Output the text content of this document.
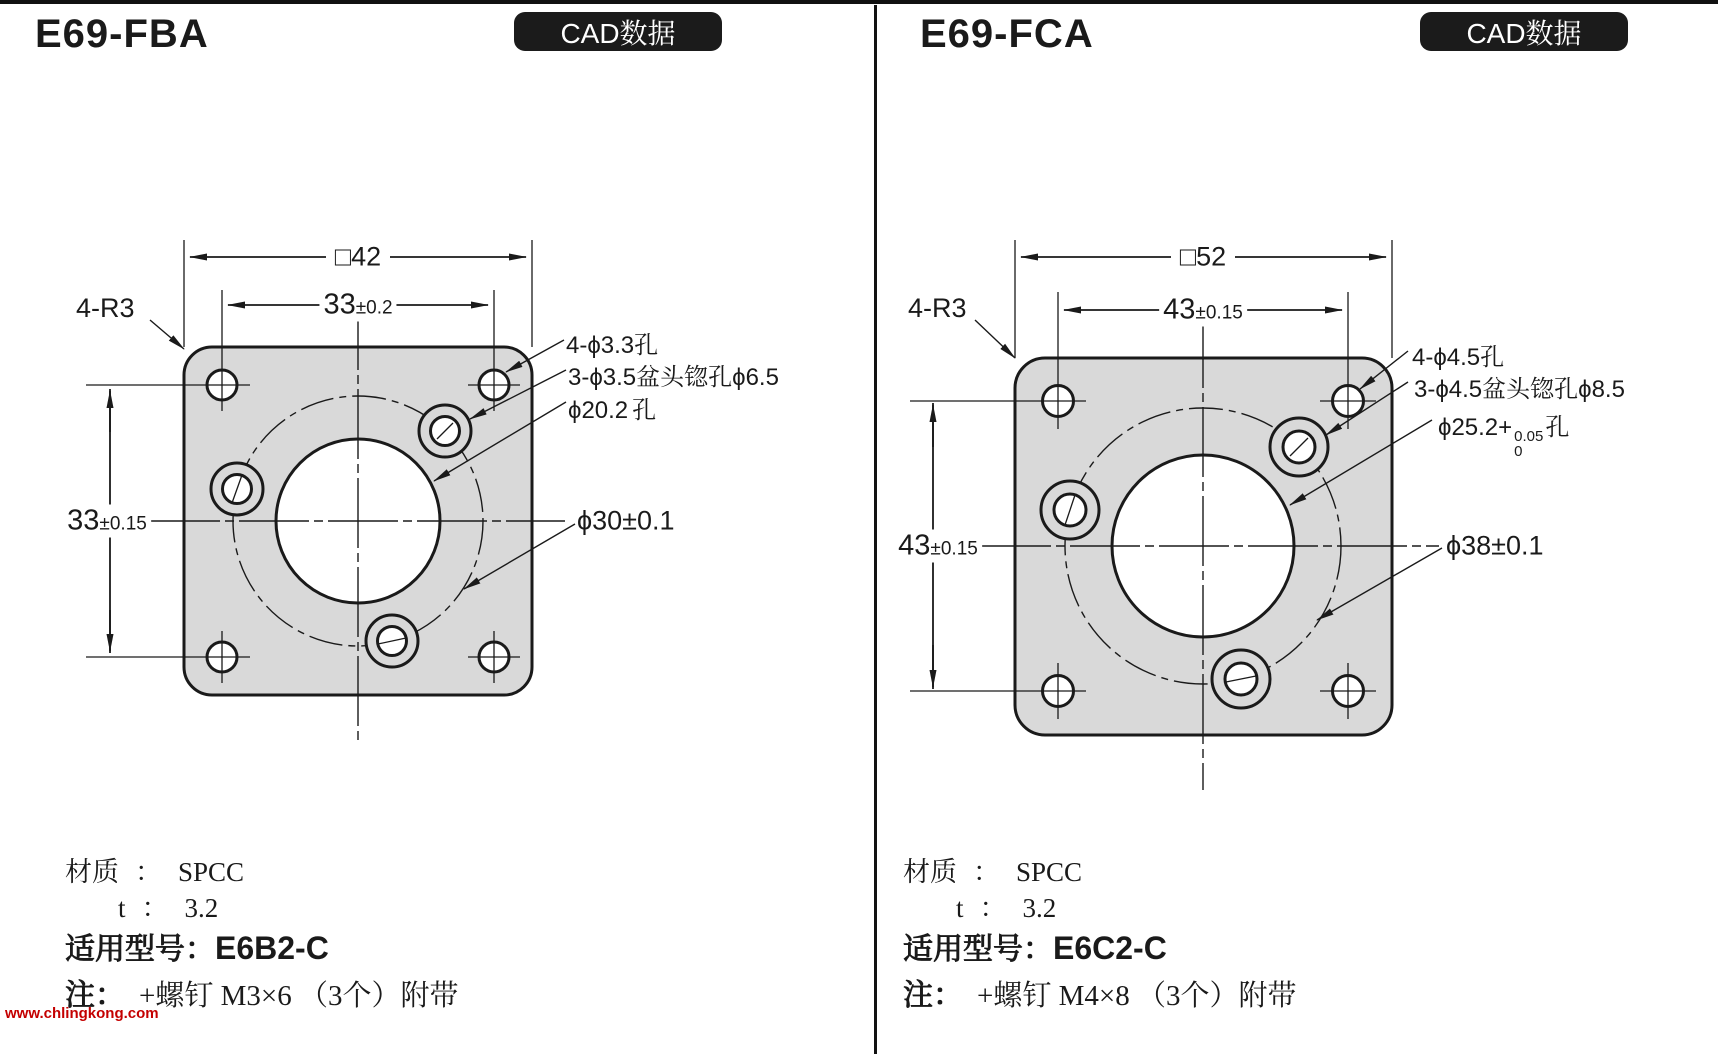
E69-FBA	CAD数据
□42
33±0.2
33±0.15
4-R3
4-ϕ3.3孔
3-ϕ3.5盆头锪孔ϕ6.5
ϕ20.2 孔
ϕ30±0.1
材质 ： SPCC
t ： 3.2
适用型号：E6B2-C
注： +螺钉 M3×6 （3个）附带
E69-FCA	CAD数据
□52
43±0.15
43±0.15
4-R3
4-ϕ4.5孔
3-ϕ4.5盆头锪孔ϕ8.5
ϕ25.2+ 0.05
0
孔
ϕ38±0.1
材质 ： SPCC
t ： 3.2
适用型号：E6C2-C
注： +螺钉 M4×8 （3个）附带
www.chlingkong.com
